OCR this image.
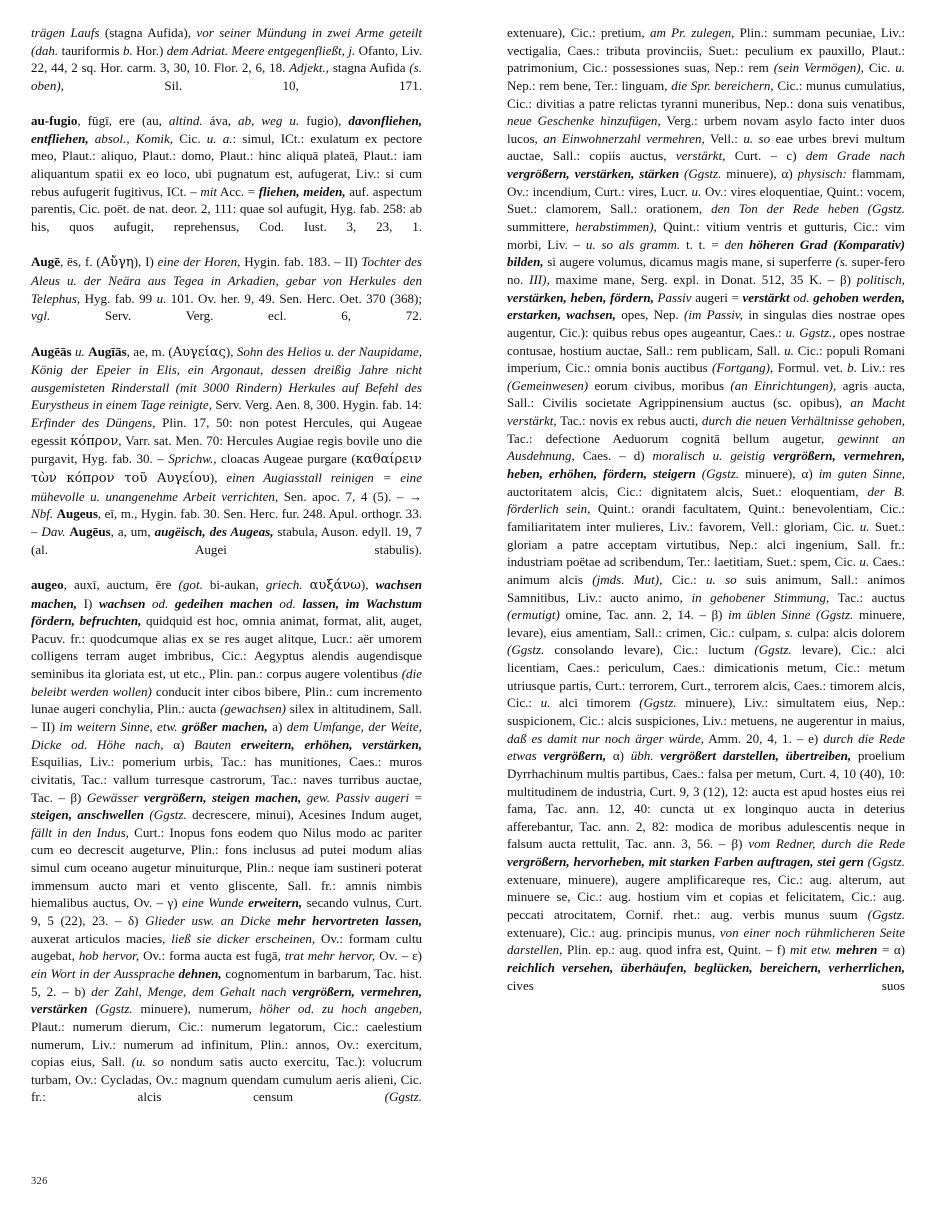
trägen Laufs (stagna Aufida), vor seiner Mündung in zwei Arme geteilt (dah. tauriformis b. Hor.) dem Adriat. Meere entgegenfließt, j. Ofanto, Liv. 22, 44, 2 sq. Hor. carm. 3, 30, 10. Flor. 2, 6, 18. Adjekt., stagna Aufida (s. oben), Sil. 10, 171.

au-fugio, fūgī, ere (au, altind. áva, ab, weg u. fugio), davonfliehen, entfliehen, absol., Komik, Cic. u. a.: simul, ICt.: exulatum ex pectore meo, Plaut.: aliquo, Plaut.: domo, Plaut.: hinc aliquā plateā, Plaut.: iam aliquantum spatii ex eo loco, ubi pugnatum est, aufugerat, Liv.: si cum rebus aufugerit fugitivus, ICt. – mit Acc. = fliehen, meiden, auf. aspectum parentis, Cic. poët. de nat. deor. 2, 111: quae sol aufugit, Hyg. fab. 258: ab his, quos aufugit, reprehensus, Cod. Iust. 3, 23, 1.

Augē, ēs, f. (Αὔγη), I) eine der Horen, Hygin. fab. 183. – II) Tochter des Aleus u. der Neära aus Tegea in Arkadien, gebar von Herkules den Telephus, Hyg. fab. 99 u. 101. Ov. her. 9, 49. Sen. Herc. Oet. 370 (368); vgl. Serv. Verg. ecl. 6, 72.

Augēās u. Augīās, ae, m. (Αυγείας), Sohn des Helios u. der Naupidame, König der Epeier in Elis, ein Argonaut, dessen dreißig Jahre nicht ausgemisteten Rinderstall (mit 3000 Rindern) Herkules auf Befehl des Eurystheus in einem Tage reinigte, Serv. Verg. Aen. 8, 300. Hygin. fab. 14: Erfinder des Düngens, Plin. 17, 50: non potest Hercules, qui Augeae egessit κόπρον, Varr. sat. Men. 70: Hercules Augiae regis bovile uno die purgavit, Hyg. fab. 30. – Sprichw., cloacas Augeae purgare (καθαίρειν τὼν κόπρον τοῦ Αυγείου), einen Augiasstall reinigen = eine mühevolle u. unangenehme Arbeit verrichten, Sen. apoc. 7, 4 (5). – → Nbf. Augeus, eī, m., Hygin. fab. 30. Sen. Herc. fur. 248. Apul. orthogr. 33. – Dav. Augēus, a, um, augëisch, des Augeas, stabula, Auson. edyll. 19, 7 (al. Augei stabulis).

augeo, auxī, auctum, ēre (got. bi-aukan, griech. αυξάνω), wachsen machen, I) wachsen od. gedeihen machen od. lassen, im Wachstum fördern, befruchten, quidquid est hoc, omnia animat, format, alit, auget, Pacuv. fr.: quodcumque alias ex se res auget alitque, Lucr.: aër umorem colligens terram auget imbribus, Cic.: Aegyptus alendis augendisque seminibus ita gloriata est, ut etc., Plin. pan.: corpus augere volentibus (die beleibt werden wollen) conducit inter cibos bibere, Plin.: cum incremento lunae augeri conchylia, Plin.: aucta (gewachsen) silex in altitudinem, Sall. – II) im weitern Sinne, etw. größer machen, a) dem Umfange, der Weite, Dicke od. Höhe nach, α) Bauten erweitern, erhöhen, verstärken, Esquilias, Liv.: pomerium urbis, Tac.: has munitiones, Caes.: muros civitatis, Tac.: vallum turresque castrorum, Tac.: naves turribus auctae, Tac. – β) Gewässer vergrößern, steigen machen, gew. Passiv augeri = steigen, anschwellen (Ggstz. decrescere, minui), Acesines Indum auget, fällt in den Indus, Curt.: Inopus fons eodem quo Nilus modo ac pariter cum eo decrescit augeturve, Plin.: fons inclusus ad putei modum alias simul cum oceano augetur minuiturque, Plin.: neque iam sustineri poterat immensum aucto mari et vento gliscente, Sall. fr.: amnis nimbis hiemalibus auctus, Ov. – γ) eine Wunde erweitern, secando vulnus, Curt. 9, 5 (22), 23. – δ) Glieder usw. an Dicke mehr hervortreten lassen, auxerat articulos macies, ließ sie dicker erscheinen, Ov.: formam cultu augebat, hob hervor, Ov.: forma aucta est fugā, trat mehr hervor, Ov. – ε) ein Wort in der Aussprache dehnen, cognomentum in barbarum, Tac. hist. 5, 2. – b) der Zahl, Menge, dem Gehalt nach vergrößern, vermehren, verstärken (Ggstz. minuere), numerum, höher od. zu hoch angeben, Plaut.: numerum dierum, Cic.: numerum legatorum, Cic.: caelestium numerum, Liv.: numerum ad infinitum, Plin.: annos, Ov.: exercitum, copias eius, Sall. (u. so nondum satis aucto exercitu, Tac.): volucrum turbam, Ov.: Cycladas, Ov.: magnum quendam cumulum aeris alieni, Cic. fr.: alcis censum (Ggstz.

extenuare), Cic.: pretium, am Pr. zulegen, Plin.: summam pecuniae, Liv.: vectigalia, Caes.: tributa provinciis, Suet.: peculium ex pauxillo, Plaut.: patrimonium, Cic.: possessiones suas, Nep.: rem (sein Vermögen), Cic. u. Nep.: rem bene, Ter.: linguam, die Spr. bereichern, Cic.: munus cumulatius, Cic.: divitias a patre relictas tyranni muneribus, Nep.: dona suis venatibus, neue Geschenke hinzufügen, Verg.: urbem novam asylo facto inter duos lucos, an Einwohnerzahl vermehren, Vell.: u. so eae urbes brevi multum auctae, Sall.: copiis auctus, verstärkt, Curt. – c) dem Grade nach vergrößern, verstärken, stärken (Ggstz. minuere), α) physisch: flammam, Ov.: incendium, Curt.: vires, Lucr. u. Ov.: vires eloquentiae, Quint.: vocem, Suet.: clamorem, Sall.: orationem, den Ton der Rede heben (Ggstz. summittere, herabstimmen), Quint.: vitium ventris et gutturis, Cic.: vim morbi, Liv. – u. so als gramm. t. t. = den höheren Grad (Komparativ) bilden, si augere volumus, dicamus magis mane, si superferre (s. super-fero no. III), maxime mane, Serg. expl. in Donat. 512, 35 K. – β) politisch, verstärken, heben, fördern, Passiv augeri = verstärkt od. gehoben werden, erstarken, wachsen, opes, Nep. (im Passiv, in singulas dies nostrae opes augentur, Cic.): quibus rebus opes augeantur, Caes.: u. Ggstz., opes nostrae contusae, hostium auctae, Sall.: rem publicam, Sall. u. Cic.: populi Romani imperium, Cic.: omnia bonis auctibus (Fortgang), Formul. vet. b. Liv.: res (Gemeinwesen) eorum civibus, moribus (an Einrichtungen), agris aucta, Sall.: Civilis societate Agrippinensium auctus (sc. opibus), an Macht verstärkt, Tac.: novis ex rebus aucti, durch die neuen Verhältnisse gehoben, Tac.: defectione Aeduorum cognitā bellum augetur, gewinnt an Ausdehnung, Caes. – d) moralisch u. geistig vergrößern, vermehren, heben, erhöhen, fördern, steigern (Ggstz. minuere), α) im guten Sinne, auctoritatem alcis, Cic.: dignitatem alcis, Suet.: eloquentiam, der B. förderlich sein, Quint.: orandi facultatem, Quint.: benevolentiam, Cic.: familiaritatem inter mulieres, Liv.: favorem, Vell.: gloriam, Cic. u. Suet.: gloriam a patre acceptam virtutibus, Nep.: alci ingenium, Sall. fr.: industriam poëtae ad scribendum, Ter.: laetitiam, Suet.: spem, Cic. u. Caes.: animum alcis (jmds. Mut), Cic.: u. so suis animum, Sall.: animos Samnitibus, Liv.: aucto animo, in gehobener Stimmung, Tac.: auctus (ermutigt) omine, Tac. ann. 2, 14. – β) im üblen Sinne (Ggstz. minuere, levare), eius amentiam, Sall.: crimen, Cic.: culpam, s. culpa: alcis dolorem (Ggstz. consolando levare), Cic.: luctum (Ggstz. levare), Cic.: alci licentiam, Caes.: periculum, Caes.: dimicationis metum, Cic.: metum utriusque partis, Curt.: terrorem, Curt., terrorem alcis, Caes.: timorem alcis, Cic.: u. alci timorem (Ggstz. minuere), Liv.: simultatem eius, Nep.: suspicionem, Cic.: alcis suspiciones, Liv.: metuens, ne augerentur in maius, daß es damit nur noch ärger würde, Amm. 20, 4, 1. – e) durch die Rede etwas vergrößern, α) übh. vergrößert darstellen, übertreiben, proelium Dyrrhachinum multis partibus, Caes.: falsa per metum, Curt. 4, 10 (40), 10: multitudinem de industria, Curt. 9, 3 (12), 12: aucta est apud hostes eius rei fama, Tac. ann. 12, 40: cuncta ut ex longinquo aucta in deterius afferebantur, Tac. ann. 2, 82: modica de moribus adulescentis neque in falsum aucta rettulit, Tac. ann. 3, 56. – β) vom Redner, durch die Rede vergrößern, hervorheben, mit starken Farben auftragen, stei gern (Ggstz. extenuare, minuere), augere amplificareque res, Cic.: aug. alterum, aut minuere se, Cic.: aug. hostium vim et copias et felicitatem, Cic.: aug. peccati atrocitatem, Cornif. rhet.: aug. verbis munus suum (Ggstz. extenuare), Cic.: aug. principis munus, von einer noch rühmlicheren Seite darstellen, Plin. ep.: aug. quod infra est, Quint. – f) mit etw. mehren = α) reichlich versehen, überhäufen, beglücken, bereichern, verherrlichen, cives suos

326
